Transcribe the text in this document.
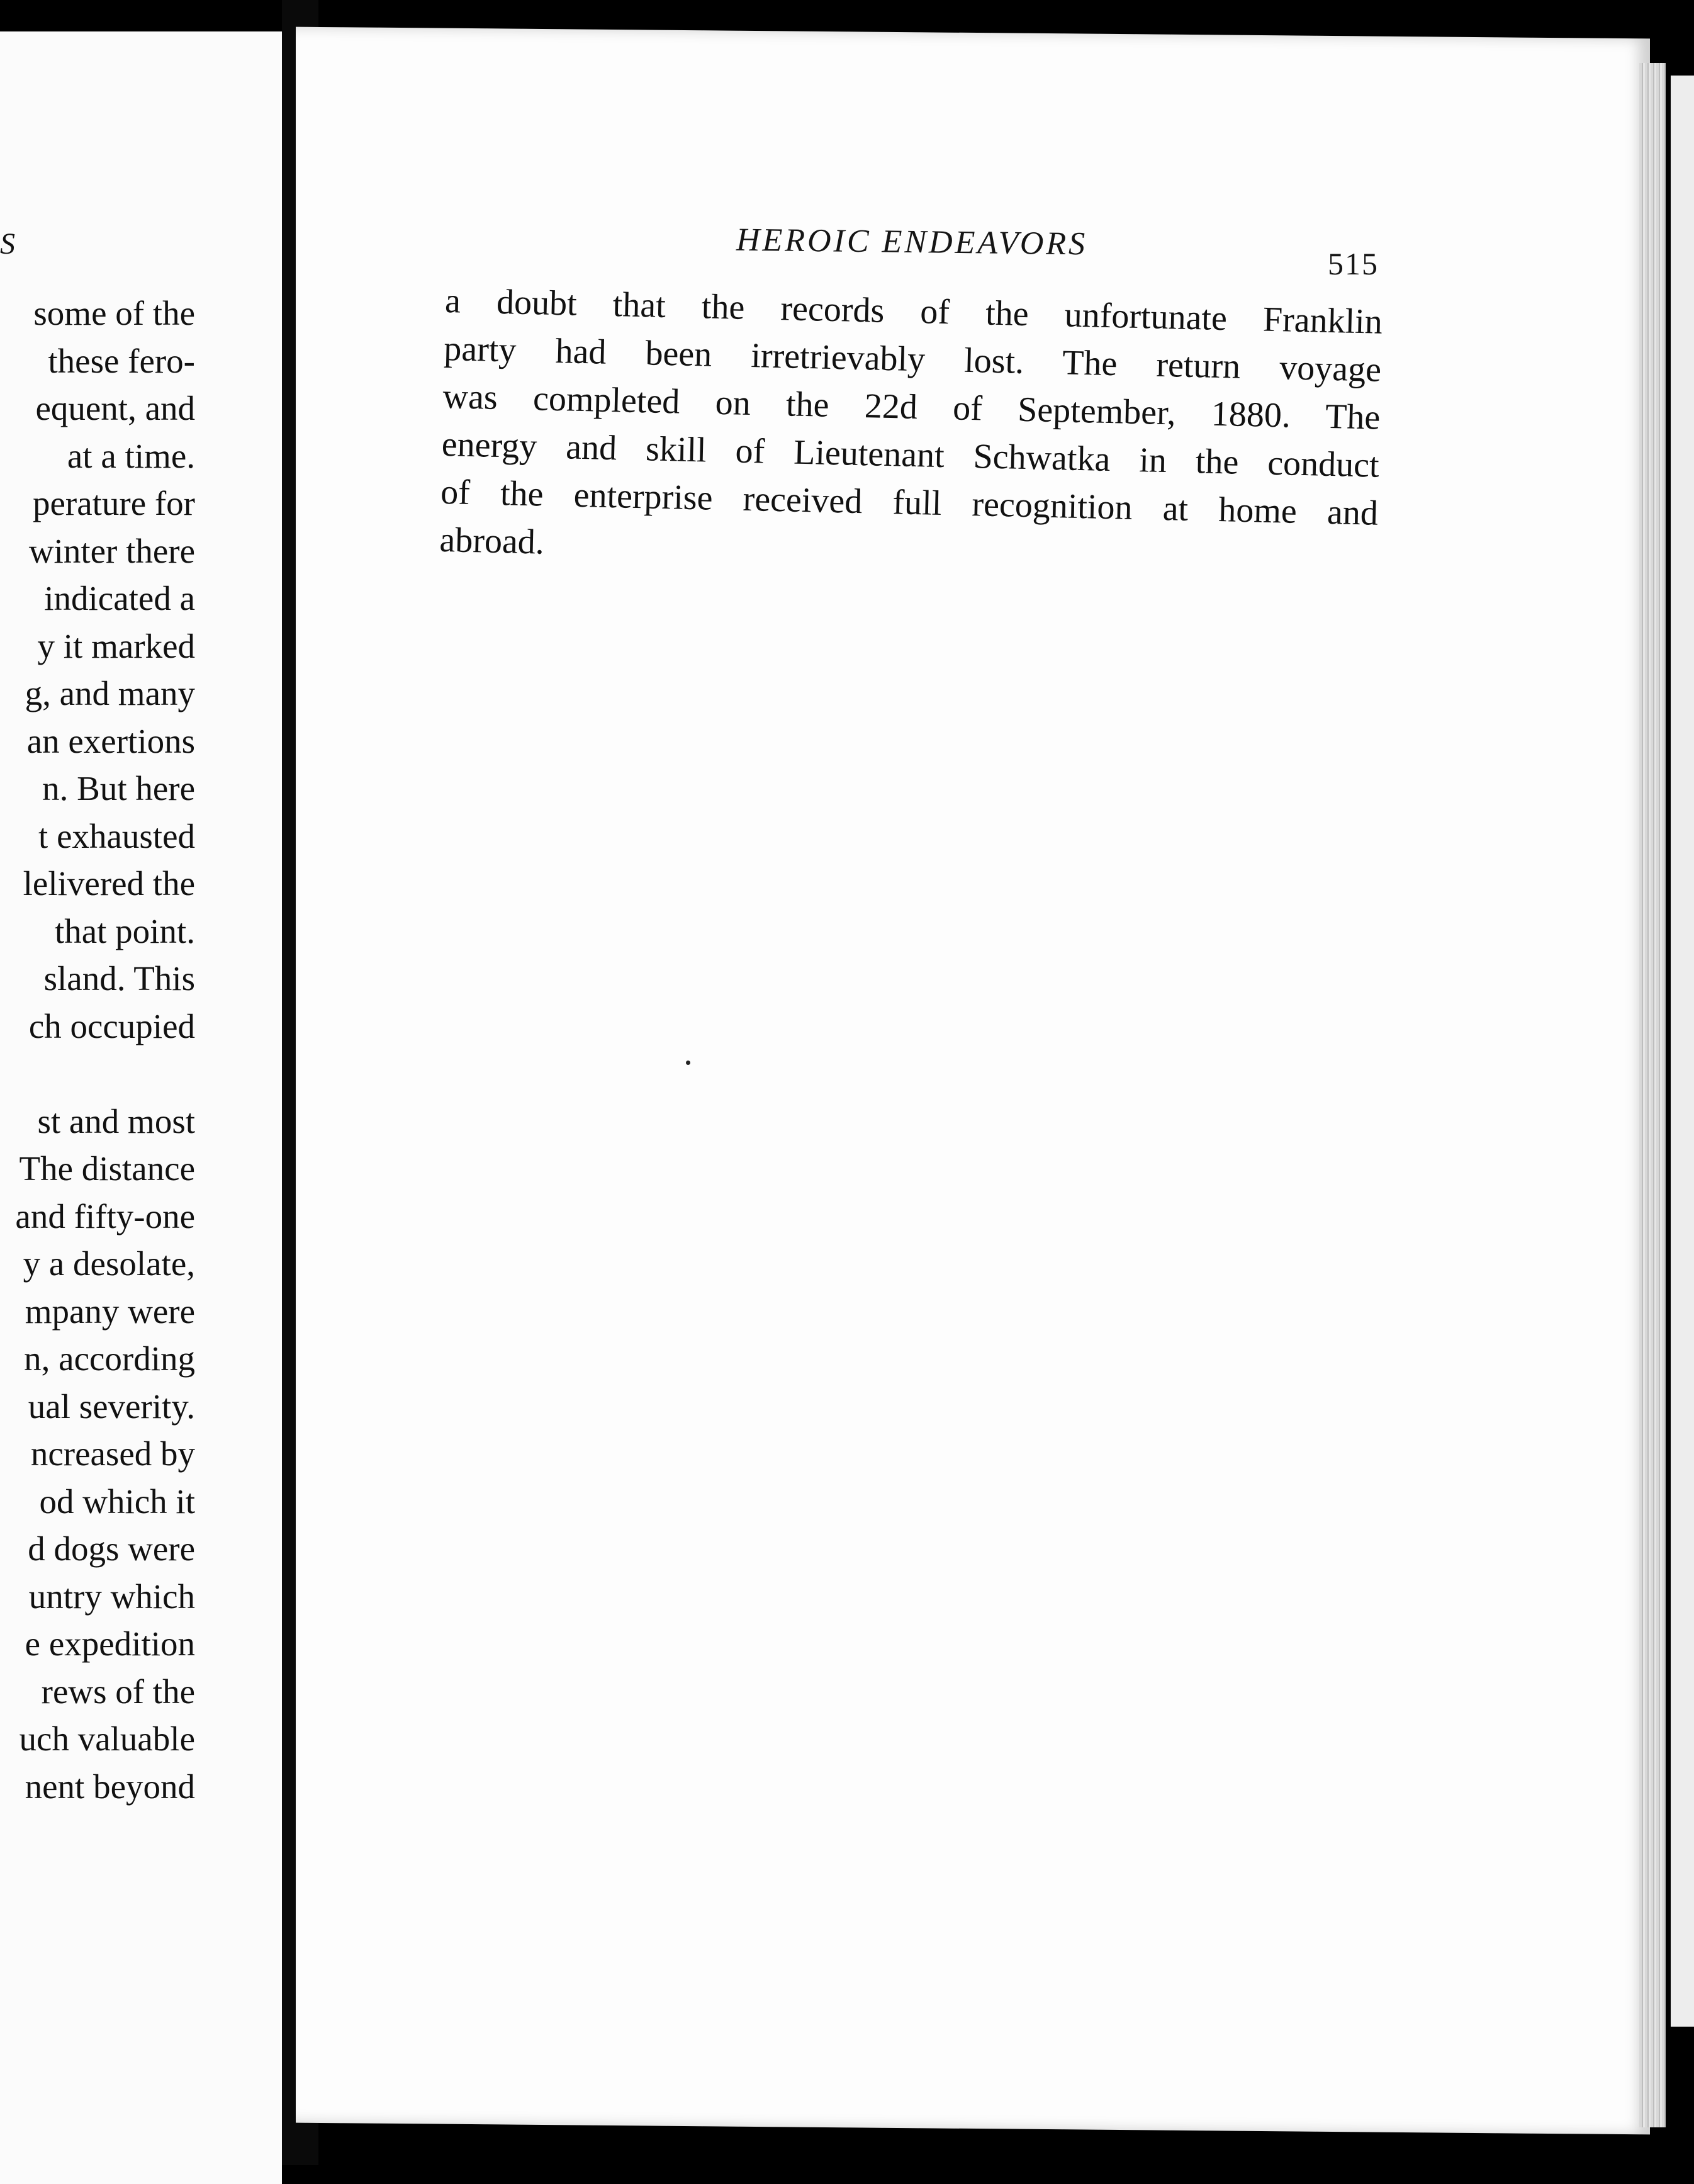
S
some of the
these fero-
equent, and
at a time.
perature for
winter there
indicated a
y it marked
g, and many
an exertions
n. But here
t exhausted
lelivered the
that point.
sland. This
ch occupied
st and most
The distance
and fifty-one
y a desolate,
mpany were
n, according
ual severity.
ncreased by
od which it
d dogs were
untry which
e expedition
rews of the
uch valuable
nent beyond
HEROIC ENDEAVORS
515
a doubt that the records of the unfortunate Franklin
party had been irretrievably lost. The return voyage
was completed on the 22d of September, 1880. The
energy and skill of Lieutenant Schwatka in the conduct
of the enterprise received full recognition at home and
abroad.
